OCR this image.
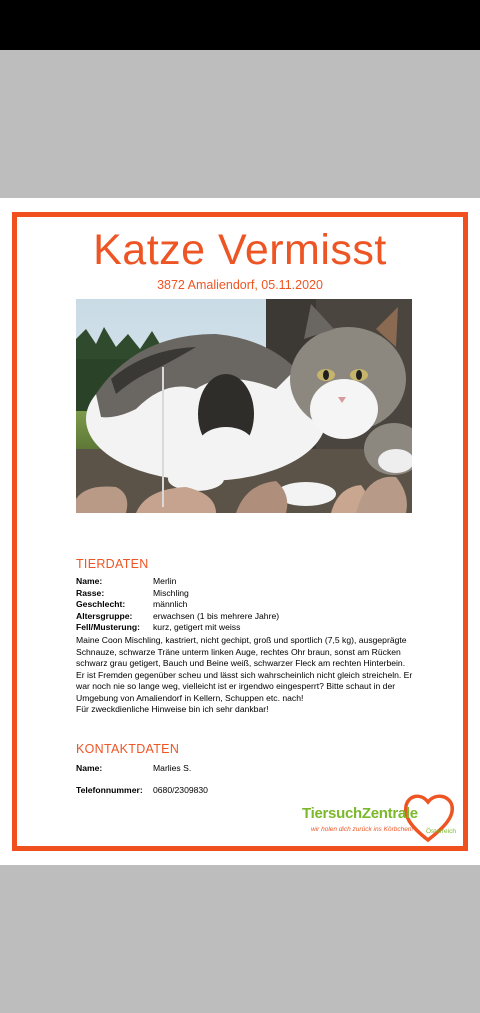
Katze Vermisst
3872 Amaliendorf, 05.11.2020
TIERDATEN
Name:	Merlin
Rasse:	Mischling
Geschlecht:	männlich
Altersgruppe: erwachsen (1 bis mehrere Jahre)
Fell/Musterung: kurz, getigert mit weiss

Maine Coon Mischling, kastriert, nicht gechipt, groß und sportlich (7,5 kg), ausgeprägte Schnauze, schwarze Träne unterm linken Auge, rechtes Ohr braun, sonst am Rücken schwarz grau getigert, Bauch und Beine weiß, schwarzer Fleck am rechten Hinterbein.

Er ist Fremden gegenüber scheu und lässt sich wahrscheinlich nicht gleich streicheln. Er war noch nie so lange weg, vielleicht ist er irgendwo eingesperrt? Bitte schaut in der Umgebung von Amaliendorf in Kellern, Schuppen etc. nach!

Für zweckdienliche Hinweise bin ich sehr dankbar!

KONTAKTDATEN
Name:	Marlies S.
Telefonnummer: 0680/2309830
TiersuchZentrale
wir holen dich zurück ins Körbchen! Österreich
